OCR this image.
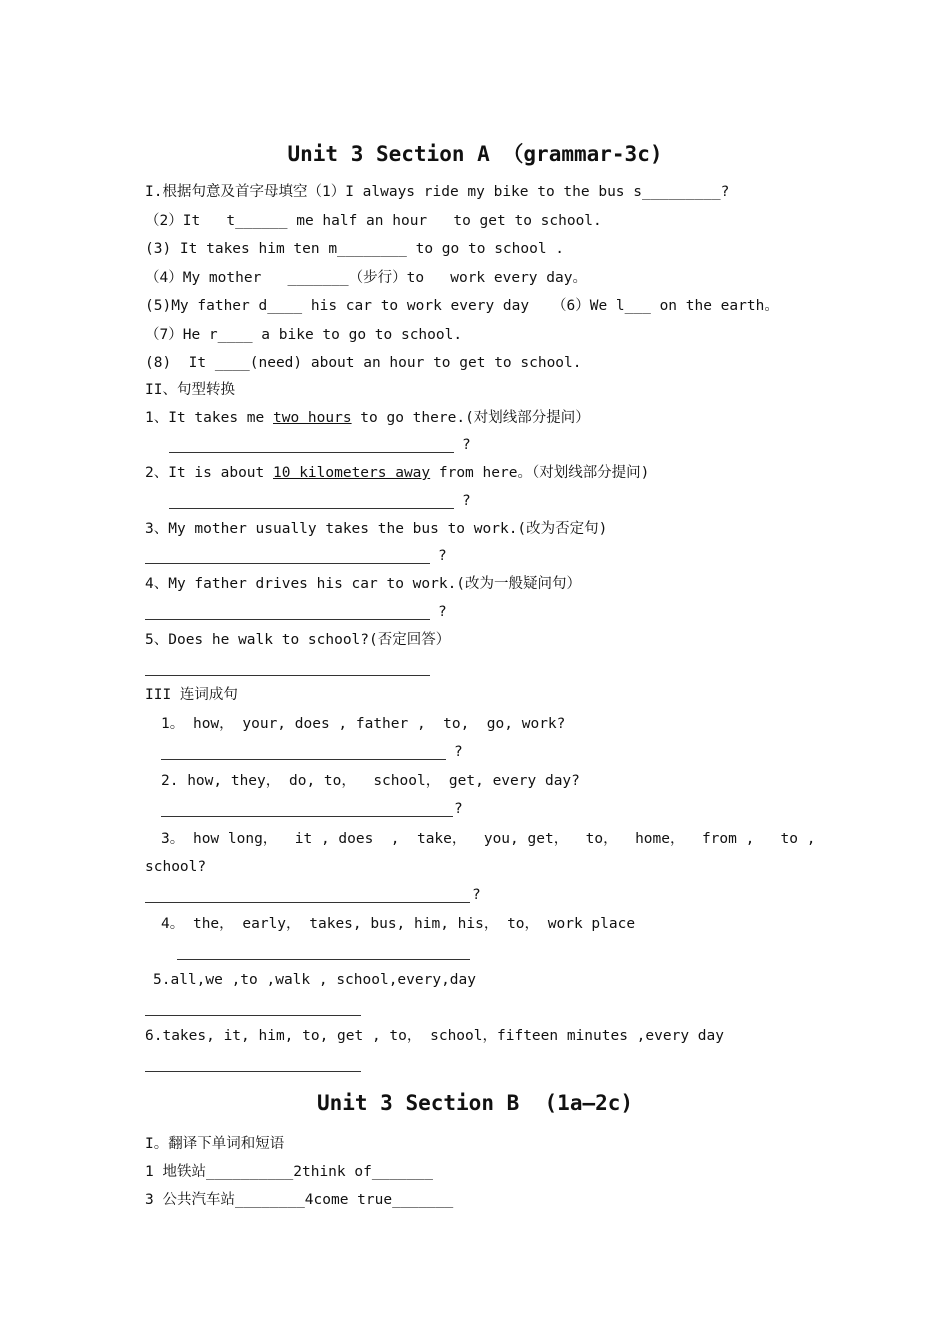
Unit 3 Section A （grammar-3c)
I.根据句意及首字母填空（1）I always ride my bike to the bus s_________?
（2）It   t______ me half an hour   to get to school.
(3) It takes him ten m________ to go to school .
（4）My mother   _______（步行）to   work every day。
(5)My father d____ his car to work every day （6）We l___ on the earth。
（7）He r____ a bike to go to school.
(8)  It ____(need) about an hour to get to school.
II、句型转换
1、It takes me two hours to go there.(对划线部分提问）
?
2、It is about 10 kilometers away from here。（对划线部分提问)
?
3、My mother usually takes the bus to work.(改为否定句)
?
4、My father drives his car to work.(改为一般疑问句）
?
5、Does he walk to school?(否定回答）
III 连词成句
1。 how， your, does , father ,  to,  go, work?
?
2. how, they， do, to，  school， get, every day?
?
3。 how long，  it , does  ,  take，  you, get，  to，  home，  from ,   to ,
school?
?
4。 the， early， takes, bus, him, his， to， work place
5.all,we ,to ,walk , school,every,day
6.takes, it, him, to, get , to， school，fifteen minutes ,every day
Unit 3 Section B  (1a—2c)
I。翻译下单词和短语
1 地铁站__________2think of_______
3 公共汽车站________4come true_______
